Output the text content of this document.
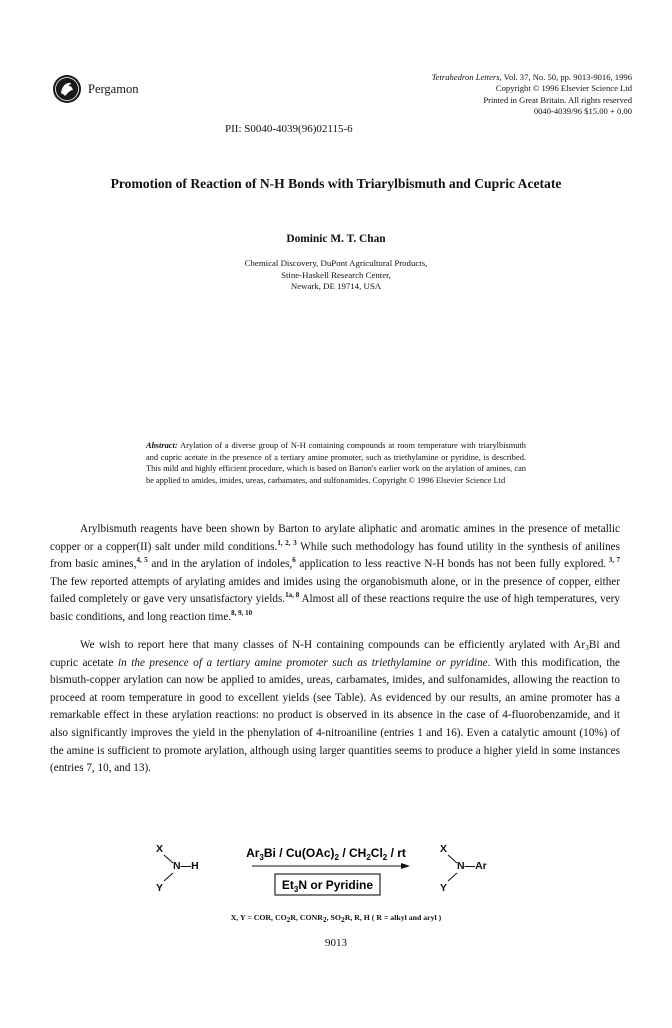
Pergamon
Tetrahedron Letters, Vol. 37, No. 50, pp. 9013-9016, 1996
Copyright © 1996 Elsevier Science Ltd
Printed in Great Britain. All rights reserved
0040-4039/96 $15.00 + 0.00
PII: S0040-4039(96)02115-6
Promotion of Reaction of N-H Bonds with Triarylbismuth and Cupric Acetate
Dominic M. T. Chan
Chemical Discovery, DuPont Agricultural Products,
Stine-Haskell Research Center,
Newark, DE 19714, USA
Abstract: Arylation of a diverse group of N-H containing compounds at room temperature with triarylbismuth and cupric acetate in the presence of a tertiary amine promoter, such as triethylamine or pyridine, is described. This mild and highly efficient procedure, which is based on Barton's earlier work on the arylation of amines, can be applied to amides, imides, ureas, carbamates, and sulfonamides. Copyright © 1996 Elsevier Science Ltd

Arylbismuth reagents have been shown by Barton to arylate aliphatic and aromatic amines in the presence of metallic copper or a copper(II) salt under mild conditions.$^{1, 2, 3}$ While such methodology has found utility in the synthesis of anilines from basic amines,$^{4, 5}$ and in the arylation of indoles,$^6$ application to less reactive N-H bonds has not been fully explored. $^{3, 7}$ The few reported attempts of arylating amides and imides using the organobismuth alone, or in the presence of copper, either failed completely or gave very unsatisfactory yields.$^{1a, 8}$ Almost all of these reactions require the use of high temperatures, very basic conditions, and long reaction time.$^{8, 9, 10}$

We wish to report here that many classes of N-H containing compounds can be efficiently arylated with $Ar_3Bi$ and cupric acetate in the presence of a tertiary amine promoter such as triethylamine or pyridine. With this modification, the bismuth-copper arylation can now be applied to amides, ureas, carbamates, imides, and sulfonamides, allowing the reaction to proceed at room temperature in good to excellent yields (see Table). As evidenced by our results, an amine promoter has a remarkable effect in these arylation reactions: no product is observed in its absence in the case of 4-fluorobenzamide, and it also significantly improves the yield in the phenylation of 4-nitroaniline (entries 1 and 16). Even a catalytic amount (10%) of the amine is sufficient to promote arylation, although using larger quantities seems to produce a higher yield in some instances (entries 7, 10, and 13).

X
N—H
Y
$Ar_3Bi / Cu(OAc)_2 / CH_2Cl_2$ / rt
$Et_3N$ or Pyridine
X
N—Ar
Y
X, Y = COR, $CO_2R$, $CONR_2$, $SO_2R$, R, H ( R = alkyl and aryl )
9013
